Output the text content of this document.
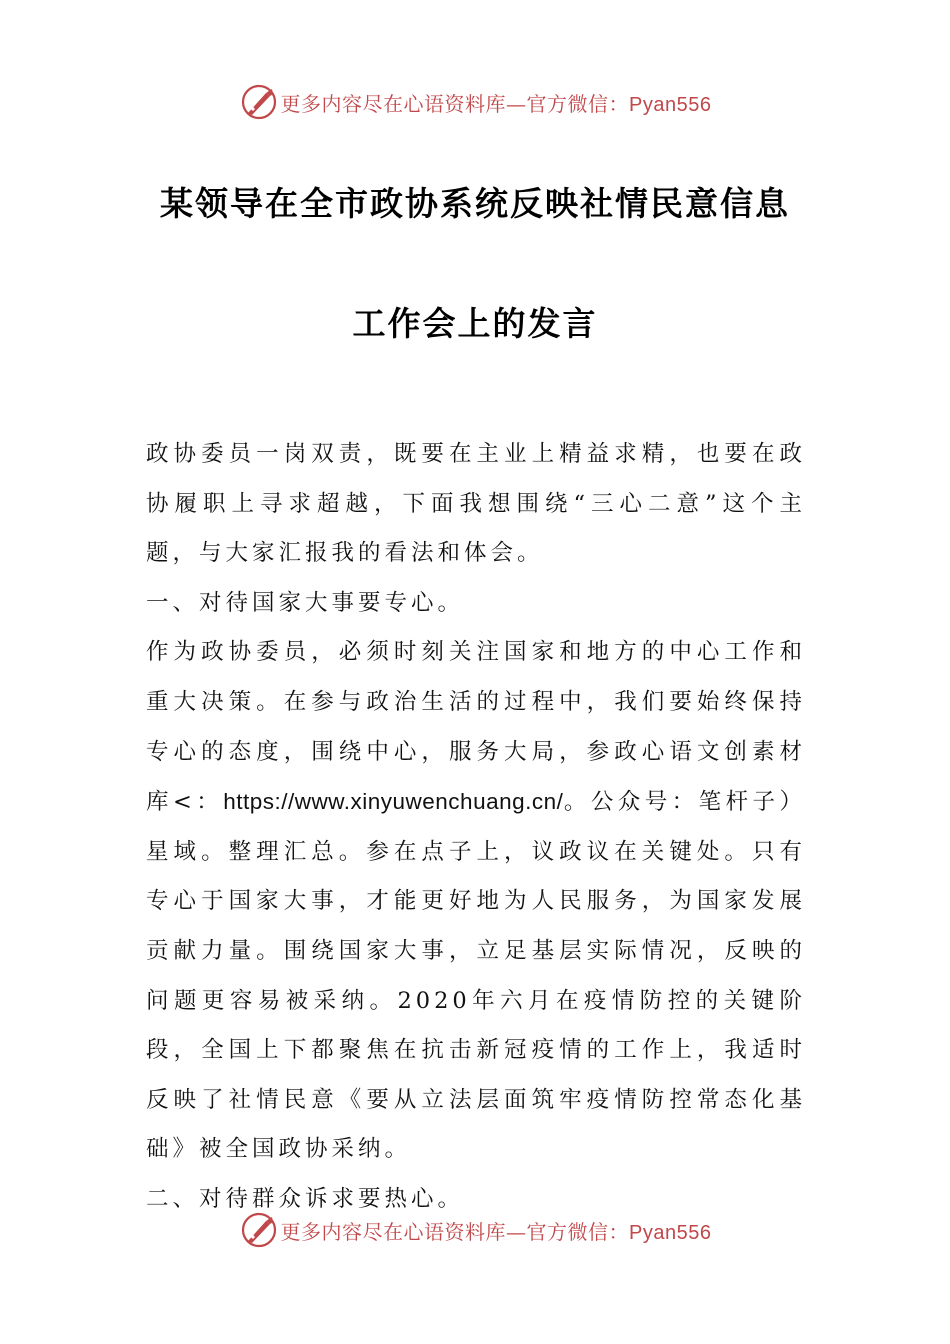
更多内容尽在心语资料库—官方微信：Pyan556
某领导在全市政协系统反映社情民意信息
工作会上的发言

政协委员一岗双责，既要在主业上精益求精，也要在政协履职上寻求超越，下面我想围绕“三心二意”这个主题，与大家汇报我的看法和体会。

一、对待国家大事要专心。

作为政协委员，必须时刻关注国家和地方的中心工作和重大决策。在参与政治生活的过程中，我们要始终保持专心的态度，围绕中心，服务大局，参政心语文创素材库<：https://www.xinyuwenchuang.cn/。公众号：笔杆子）星域。整理汇总。参在点子上，议政议在关键处。只有专心于国家大事，才能更好地为人民服务，为国家发展贡献力量。围绕国家大事，立足基层实际情况，反映的问题更容易被采纳。2020年六月在疫情防控的关键阶段，全国上下都聚焦在抗击新冠疫情的工作上，我适时反映了社情民意《要从立法层面筑牢疫情防控常态化基础》被全国政协采纳。

二、对待群众诉求要热心。

更多内容尽在心语资料库—官方微信：Pyan556
